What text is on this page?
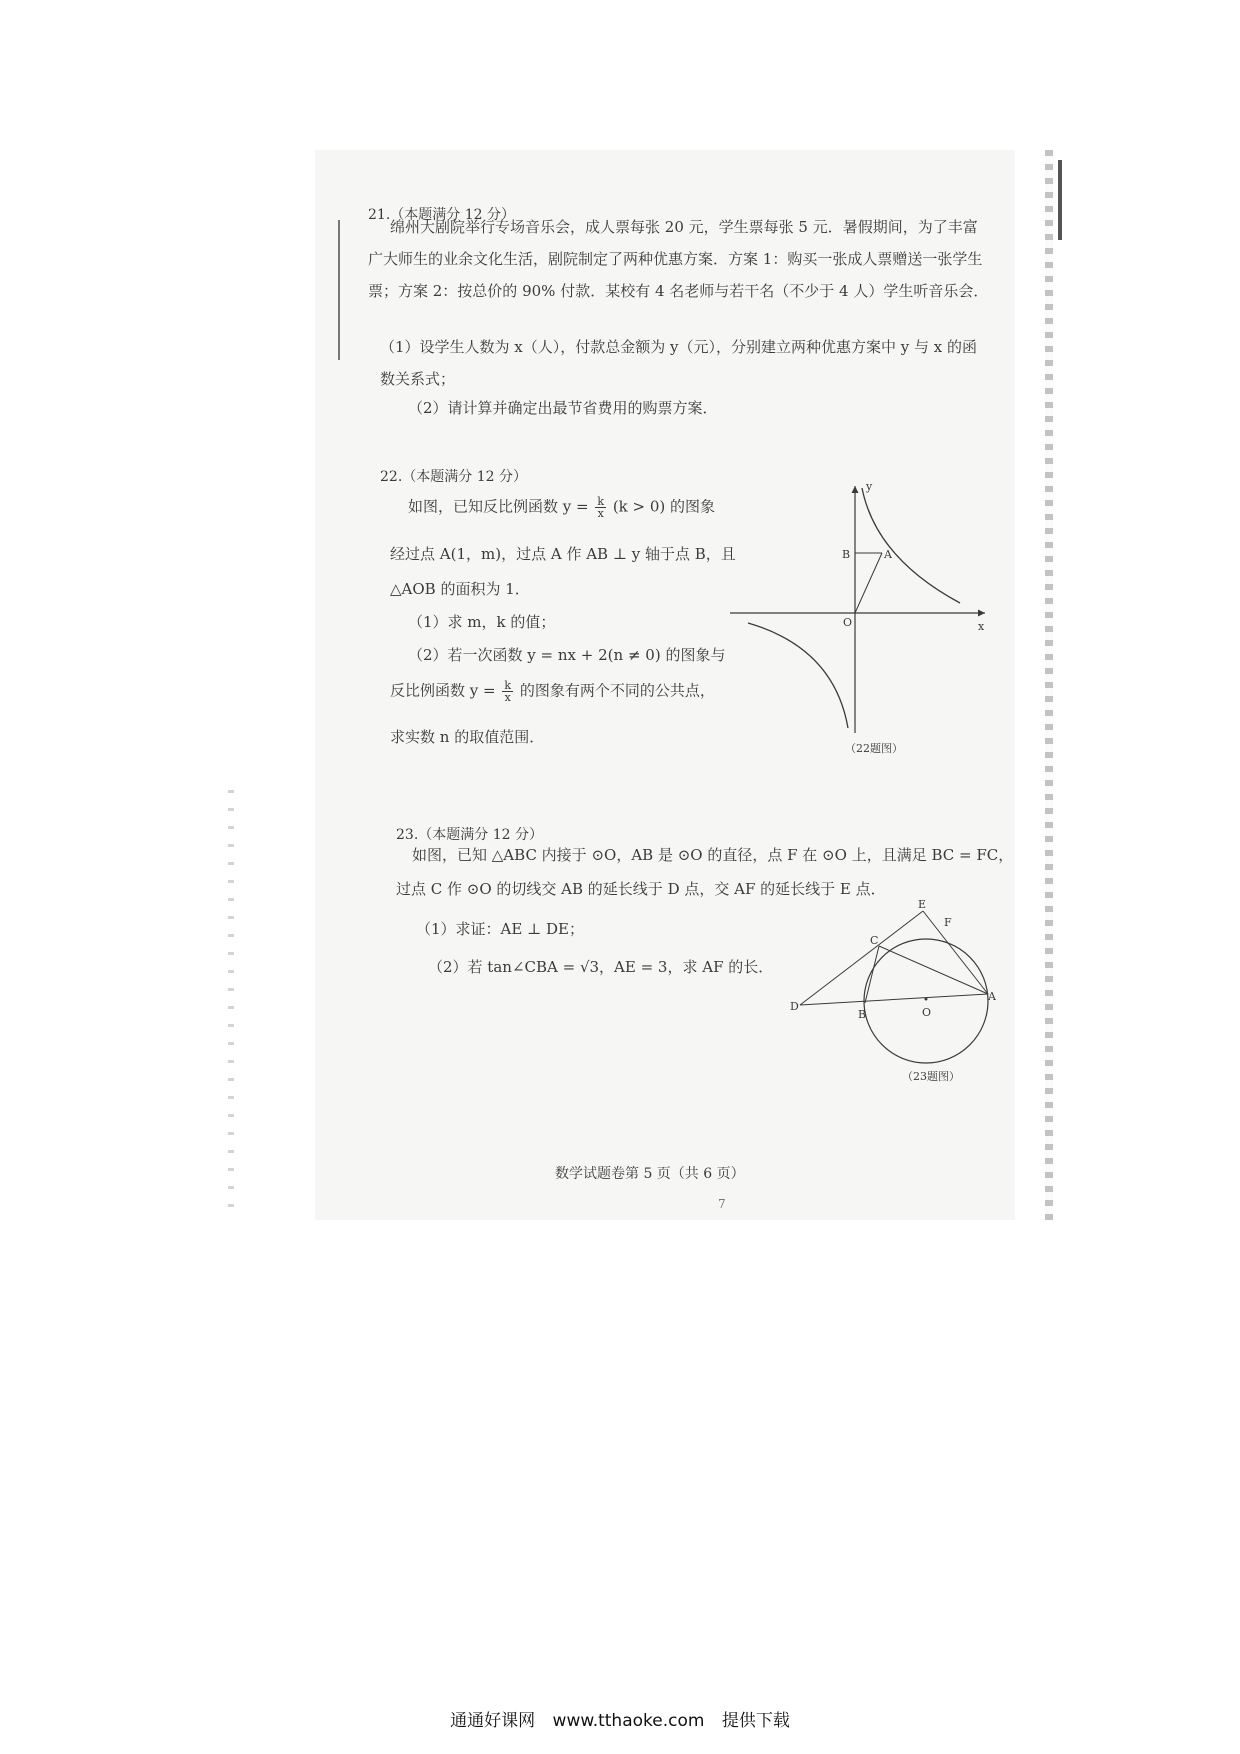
21.（本题满分 12 分）
绵州大剧院举行专场音乐会，成人票每张 20 元，学生票每张 5 元．暑假期间，为了丰富
广大师生的业余文化生活，剧院制定了两种优惠方案．方案 1：购买一张成人票赠送一张学生
票；方案 2：按总价的 90% 付款．某校有 4 名老师与若干名（不少于 4 人）学生听音乐会．
（1）设学生人数为 x（人），付款总金额为 y（元），分别建立两种优惠方案中 y 与 x 的函
数关系式；
（2）请计算并确定出最节省费用的购票方案．
22.（本题满分 12 分）
如图，已知反比例函数 $y = \frac{k}{x} (k > 0)$ 的图象
经过点 A(1，m)，过点 A 作 AB ⊥ y 轴于点 B，且
△AOB 的面积为 1．
（1）求 m，k 的值；
（2）若一次函数 y = nx + 2(n ≠ 0) 的图象与
反比例函数 $y = \frac{k}{x}$ 的图象有两个不同的公共点，
求实数 n 的取值范围．
y
x
O
A
B
（22题图）
23.（本题满分 12 分）
如图，已知 △ABC 内接于 ⊙O，AB 是 ⊙O 的直径，点 F 在 ⊙O 上，且满足 BC = FC，
过点 C 作 ⊙O 的切线交 AB 的延长线于 D 点，交 AF 的延长线于 E 点．
（1）求证：AE ⊥ DE；
（2）若 tan∠CBA = √3，AE = 3，求 AF 的长．
D
B	O
A
C
E
F
（23题图）
数学试题卷第 5 页（共 6 页）
7
通通好课网 www.tthaoke.com 提供下载
